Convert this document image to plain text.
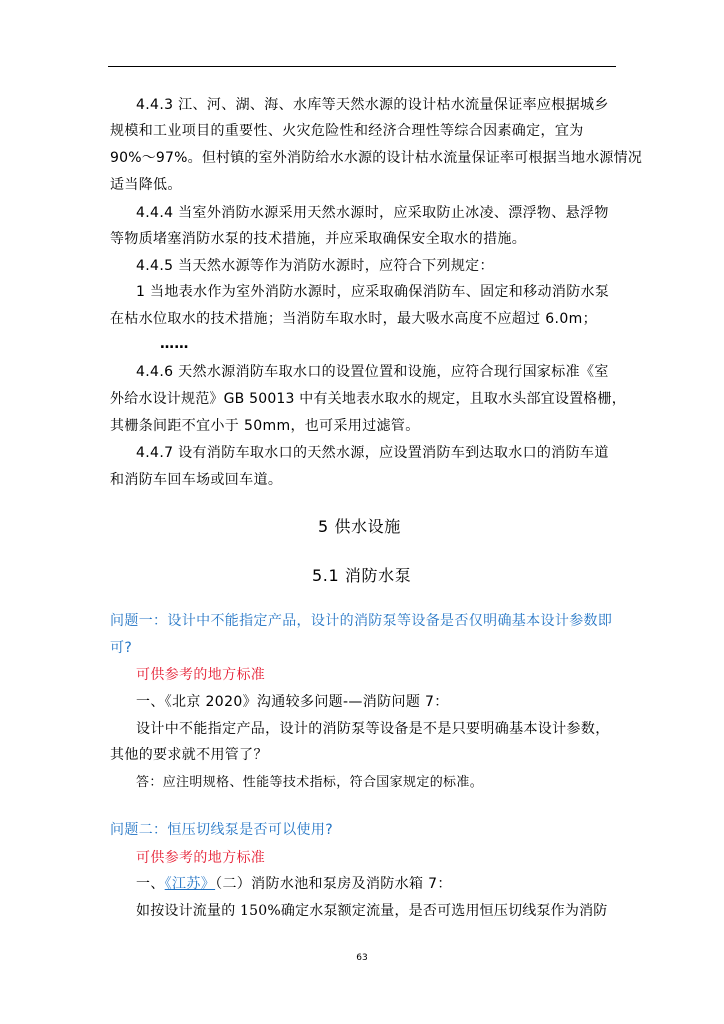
4.4.3 江、河、湖、海、水库等天然水源的设计枯水流量保证率应根据城乡
规模和工业项目的重要性、火灾危险性和经济合理性等综合因素确定，宜为
90%～97%。但村镇的室外消防给水水源的设计枯水流量保证率可根据当地水源情况
适当降低。
4.4.4 当室外消防水源采用天然水源时，应采取防止冰凌、漂浮物、悬浮物
等物质堵塞消防水泵的技术措施，并应采取确保安全取水的措施。
4.4.5 当天然水源等作为消防水源时，应符合下列规定：
1 当地表水作为室外消防水源时，应采取确保消防车、固定和移动消防水泵
在枯水位取水的技术措施；当消防车取水时，最大吸水高度不应超过 6.0m；
……
4.4.6 天然水源消防车取水口的设置位置和设施，应符合现行国家标准《室
外给水设计规范》GB 50013 中有关地表水取水的规定，且取水头部宜设置格栅，
其栅条间距不宜小于 50mm，也可采用过滤管。
4.4.7 设有消防车取水口的天然水源，应设置消防车到达取水口的消防车道
和消防车回车场或回车道。
5 供水设施
5.1 消防水泵
问题一：设计中不能指定产品，设计的消防泵等设备是否仅明确基本设计参数即
可?
可供参考的地方标准
一、《北京 2020》沟通较多问题-—消防问题 7：
设计中不能指定产品，设计的消防泵等设备是不是只要明确基本设计参数，
其他的要求就不用管了？
答：应注明规格、性能等技术指标，符合国家规定的标准。
问题二：恒压切线泵是否可以使用?
可供参考的地方标准
一、《江苏》（二）消防水池和泵房及消防水箱 7：
如按设计流量的 150%确定水泵额定流量，是否可选用恒压切线泵作为消防
63
